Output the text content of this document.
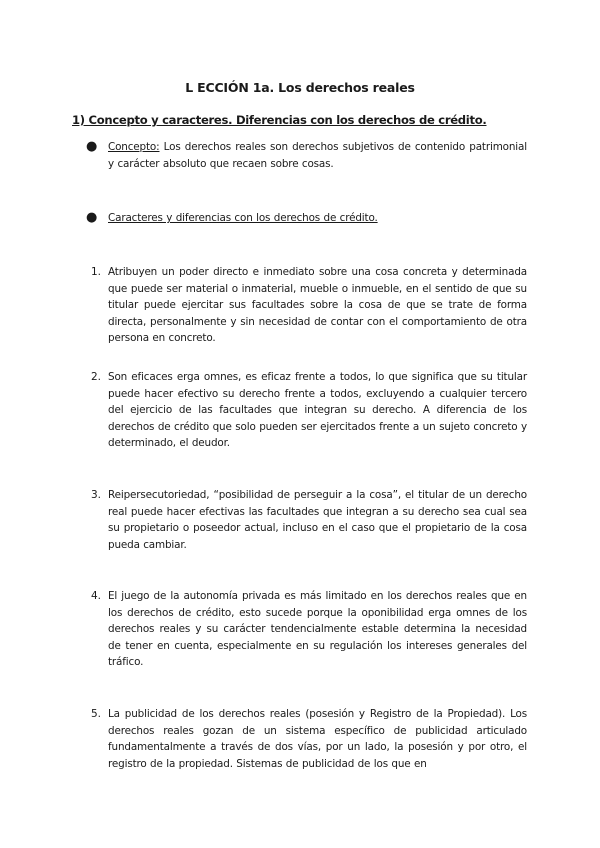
L ECCIÓN 1a. Los derechos reales
1) Concepto y caracteres. Diferencias con los derechos de crédito.
● Concepto: Los derechos reales son derechos subjetivos de contenido patrimonial y carácter absoluto que recaen sobre cosas.

● Caracteres y diferencias con los derechos de crédito.

1. Atribuyen un poder directo e inmediato sobre una cosa concreta y determinada que puede ser material o inmaterial, mueble o inmueble, en el sentido de que su titular puede ejercitar sus facultades sobre la cosa de que se trate de forma directa, personalmente y sin necesidad de contar con el comportamiento de otra persona en concreto.

2. Son eficaces erga omnes, es eficaz frente a todos, lo que significa que su titular puede hacer efectivo su derecho frente a todos, excluyendo a cualquier tercero del ejercicio de las facultades que integran su derecho. A diferencia de los derechos de crédito que solo pueden ser ejercitados frente a un sujeto concreto y determinado, el deudor.

3. Reipersecutoriedad, “posibilidad de perseguir a la cosa”, el titular de un derecho real puede hacer efectivas las facultades que integran a su derecho sea cual sea su propietario o poseedor actual, incluso en el caso que el propietario de la cosa pueda cambiar.

4. El juego de la autonomía privada es más limitado en los derechos reales que en los derechos de crédito, esto sucede porque la oponibilidad erga omnes de los derechos reales y su carácter tendencialmente estable determina la necesidad de tener en cuenta, especialmente en su regulación los intereses generales del tráfico.

5. La publicidad de los derechos reales (posesión y Registro de la Propiedad). Los derechos reales gozan de un sistema específico de publicidad articulado fundamentalmente a través de dos vías, por un lado, la posesión y por otro, el registro de la propiedad. Sistemas de publicidad de los que en
